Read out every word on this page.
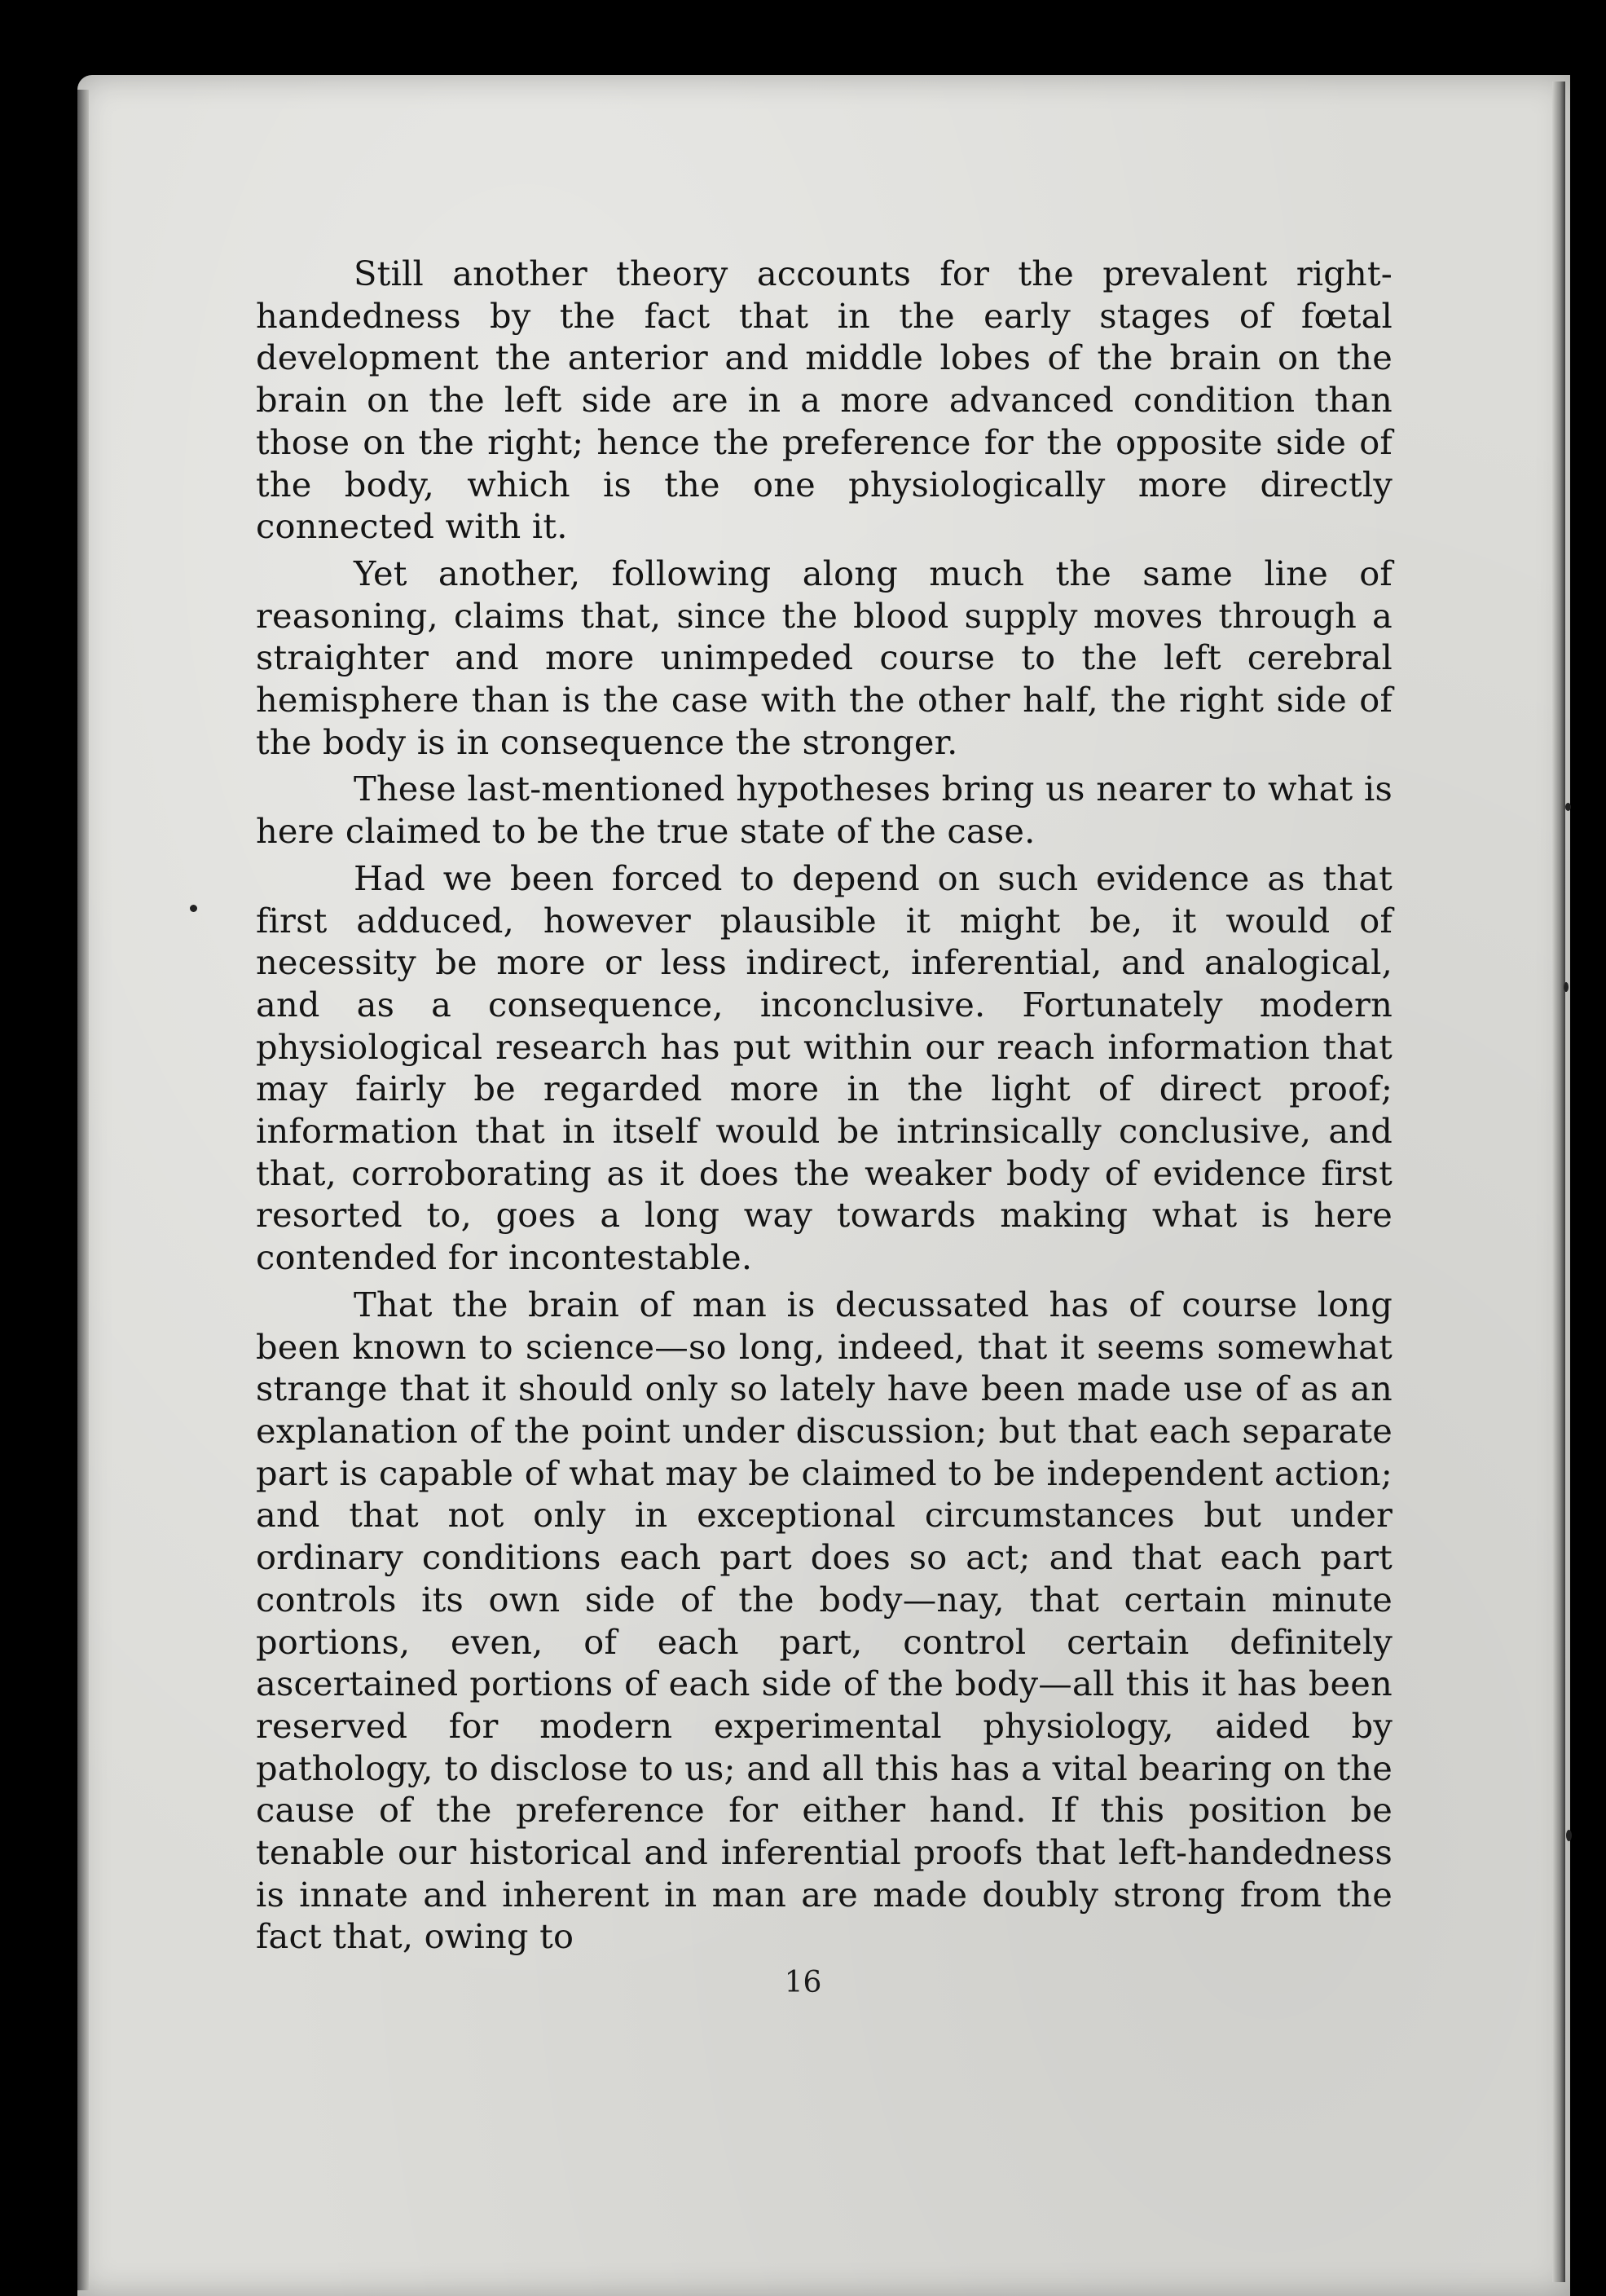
Still another theory accounts for the prevalent right-handedness by the fact that in the early stages of fœtal development the anterior and middle lobes of the brain on the brain on the left side are in a more advanced condition than those on the right; hence the preference for the opposite side of the body, which is the one physiologically more directly connected with it.

Yet another, following along much the same line of reasoning, claims that, since the blood supply moves through a straighter and more unimpeded course to the left cerebral hemisphere than is the case with the other half, the right side of the body is in consequence the stronger.

These last-mentioned hypotheses bring us nearer to what is here claimed to be the true state of the case.

Had we been forced to depend on such evidence as that first adduced, however plausible it might be, it would of necessity be more or less indirect, inferential, and analogical, and as a consequence, inconclusive. Fortunately modern physiological research has put within our reach information that may fairly be regarded more in the light of direct proof; information that in itself would be intrinsically conclusive, and that, corroborating as it does the weaker body of evidence first resorted to, goes a long way towards making what is here contended for incontestable.

That the brain of man is decussated has of course long been known to science—so long, indeed, that it seems somewhat strange that it should only so lately have been made use of as an explanation of the point under discussion; but that each separate part is capable of what may be claimed to be independent action; and that not only in exceptional circumstances but under ordinary conditions each part does so act; and that each part controls its own side of the body—nay, that certain minute portions, even, of each part, control certain definitely ascertained portions of each side of the body—all this it has been reserved for modern experimental physiology, aided by pathology, to disclose to us; and all this has a vital bearing on the cause of the preference for either hand. If this position be tenable our historical and inferential proofs that left-handedness is innate and inherent in man are made doubly strong from the fact that, owing to

16
